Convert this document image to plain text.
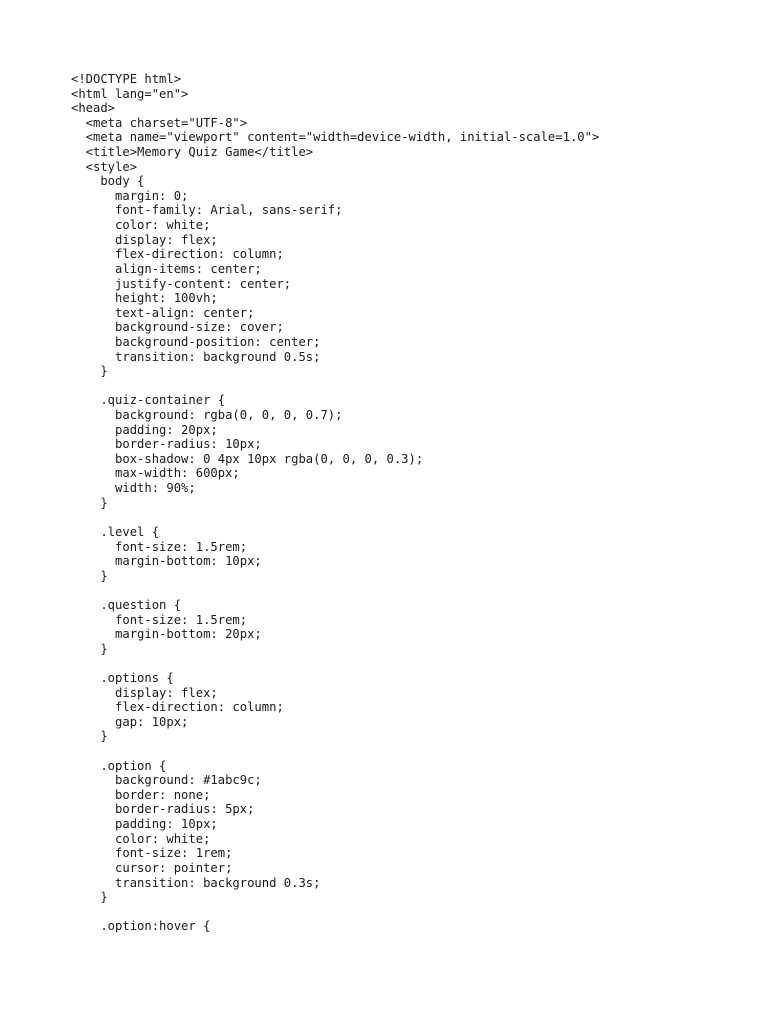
<!DOCTYPE html>
<html lang="en">
<head>
<meta charset="UTF-8">
<meta name="viewport" content="width=device-width, initial-scale=1.0">
<title>Memory Quiz Game</title>
<style>
body {
margin: 0;
font-family: Arial, sans-serif;
color: white;
display: flex;
flex-direction: column;
align-items: center;
justify-content: center;
height: 100vh;
text-align: center;
background-size: cover;
background-position: center;
transition: background 0.5s;
}

.quiz-container {
background: rgba(0, 0, 0, 0.7);
padding: 20px;
border-radius: 10px;
box-shadow: 0 4px 10px rgba(0, 0, 0, 0.3);
max-width: 600px;
width: 90%;
}

.level {
font-size: 1.5rem;
margin-bottom: 10px;
}

.question {
font-size: 1.5rem;
margin-bottom: 20px;
}

.options {
display: flex;
flex-direction: column;
gap: 10px;
}

.option {
background: #1abc9c;
border: none;
border-radius: 5px;
padding: 10px;
color: white;
font-size: 1rem;
cursor: pointer;
transition: background 0.3s;
}

.option:hover {
